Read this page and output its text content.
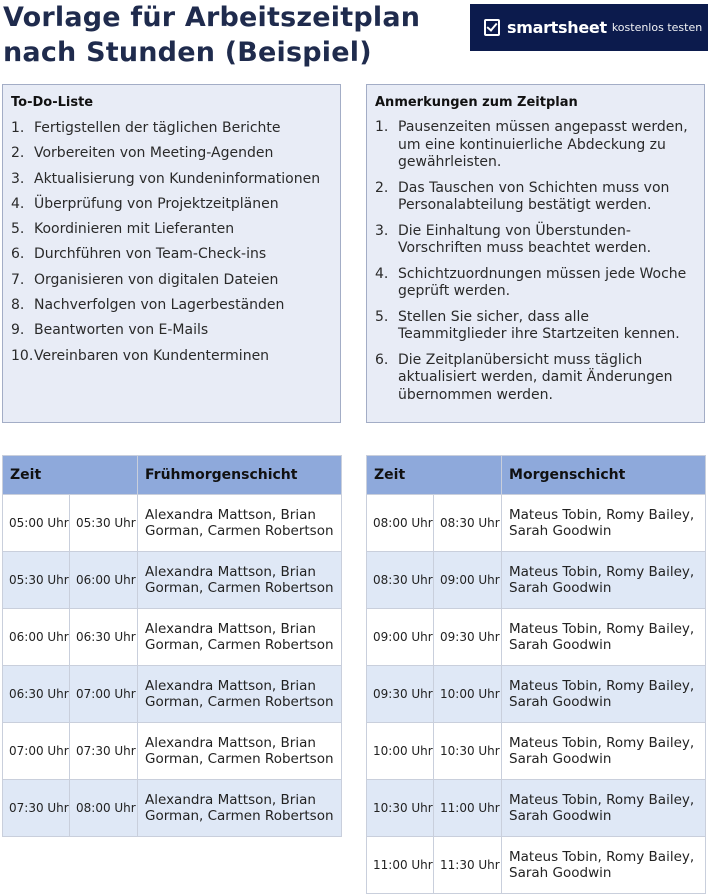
Vorlage für Arbeitszeitplan
nach Stunden (Beispiel)
smartsheet kostenlos testen
To-Do-Liste
1. Fertigstellen der täglichen Berichte
2. Vorbereiten von Meeting-Agenden
3. Aktualisierung von Kundeninformationen
4. Überprüfung von Projektzeitplänen
5. Koordinieren mit Lieferanten
6. Durchführen von Team-Check-ins
7. Organisieren von digitalen Dateien
8. Nachverfolgen von Lagerbeständen
9. Beantworten von E-Mails
10. Vereinbaren von Kundenterminen
Anmerkungen zum Zeitplan
1. Pausenzeiten müssen angepasst werden, um eine kontinuierliche Abdeckung zu gewährleisten.
2. Das Tauschen von Schichten muss von Personalabteilung bestätigt werden.
3. Die Einhaltung von Überstunden-Vorschriften muss beachtet werden.
4. Schichtzuordnungen müssen jede Woche geprüft werden.
5. Stellen Sie sicher, dass alle Teammitglieder ihre Startzeiten kennen.
6. Die Zeitplanübersicht muss täglich aktualisiert werden, damit Änderungen übernommen werden.
Zeit		Frühmorgenschicht
05:00 Uhr	05:30 Uhr	Alexandra Mattson, Brian Gorman, Carmen Robertson
05:30 Uhr	06:00 Uhr	Alexandra Mattson, Brian Gorman, Carmen Robertson
06:00 Uhr	06:30 Uhr	Alexandra Mattson, Brian Gorman, Carmen Robertson
06:30 Uhr	07:00 Uhr	Alexandra Mattson, Brian Gorman, Carmen Robertson
07:00 Uhr	07:30 Uhr	Alexandra Mattson, Brian Gorman, Carmen Robertson
07:30 Uhr	08:00 Uhr	Alexandra Mattson, Brian Gorman, Carmen Robertson
Zeit		Morgenschicht
08:00 Uhr	08:30 Uhr	Mateus Tobin, Romy Bailey, Sarah Goodwin
08:30 Uhr	09:00 Uhr	Mateus Tobin, Romy Bailey, Sarah Goodwin
09:00 Uhr	09:30 Uhr	Mateus Tobin, Romy Bailey, Sarah Goodwin
09:30 Uhr	10:00 Uhr	Mateus Tobin, Romy Bailey, Sarah Goodwin
10:00 Uhr	10:30 Uhr	Mateus Tobin, Romy Bailey, Sarah Goodwin
10:30 Uhr	11:00 Uhr	Mateus Tobin, Romy Bailey, Sarah Goodwin
11:00 Uhr	11:30 Uhr	Mateus Tobin, Romy Bailey, Sarah Goodwin
